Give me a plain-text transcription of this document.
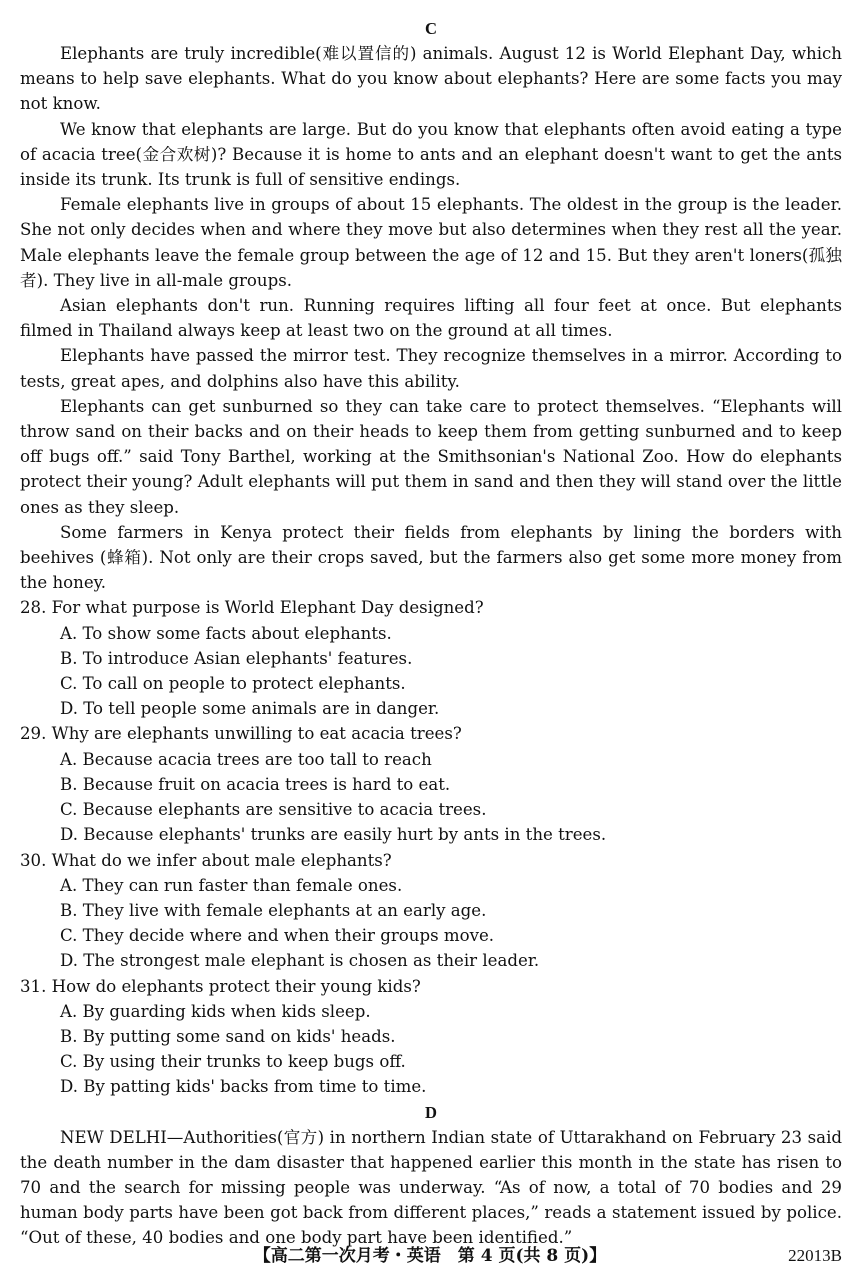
C

Elephants are truly incredible(难以置信的) animals. August 12 is World Elephant Day, which means to help save elephants. What do you know about elephants? Here are some facts you may not know.

We know that elephants are large. But do you know that elephants often avoid eating a type of acacia tree(金合欢树)? Because it is home to ants and an elephant doesn't want to get the ants inside its trunk. Its trunk is full of sensitive endings.

Female elephants live in groups of about 15 elephants. The oldest in the group is the leader. She not only decides when and where they move but also determines when they rest all the year. Male elephants leave the female group between the age of 12 and 15. But they aren't loners(孤独者). They live in all-male groups.

Asian elephants don't run. Running requires lifting all four feet at once. But elephants filmed in Thailand always keep at least two on the ground at all times.

Elephants have passed the mirror test. They recognize themselves in a mirror. According to tests, great apes, and dolphins also have this ability.

Elephants can get sunburned so they can take care to protect themselves. “Elephants will throw sand on their backs and on their heads to keep them from getting sunburned and to keep off bugs off.” said Tony Barthel, working at the Smithsonian's National Zoo. How do elephants protect their young? Adult elephants will put them in sand and then they will stand over the little ones as they sleep.

Some farmers in Kenya protect their fields from elephants by lining the borders with beehives (蜂箱). Not only are their crops saved, but the farmers also get some more money from the honey.

28. For what purpose is World Elephant Day designed?

A. To show some facts about elephants.

B. To introduce Asian elephants' features.

C. To call on people to protect elephants.

D. To tell people some animals are in danger.

29. Why are elephants unwilling to eat acacia trees?

A. Because acacia trees are too tall to reach

B. Because fruit on acacia trees is hard to eat.

C. Because elephants are sensitive to acacia trees.

D. Because elephants' trunks are easily hurt by ants in the trees.

30. What do we infer about male elephants?

A. They can run faster than female ones.

B. They live with female elephants at an early age.

C. They decide where and when their groups move.

D. The strongest male elephant is chosen as their leader.

31. How do elephants protect their young kids?

A. By guarding kids when kids sleep.

B. By putting some sand on kids' heads.

C. By using their trunks to keep bugs off.

D. By patting kids' backs from time to time.

D

NEW DELHI—Authorities(官方) in northern Indian state of Uttarakhand on February 23 said the death number in the dam disaster that happened earlier this month in the state has risen to 70 and the search for missing people was underway. “As of now, a total of 70 bodies and 29 human body parts have been got back from different places,” reads a statement issued by police. “Out of these, 40 bodies and one body part have been identified.”

【高二第一次月考・英语　第 4 页(共 8 页)】	22013B
